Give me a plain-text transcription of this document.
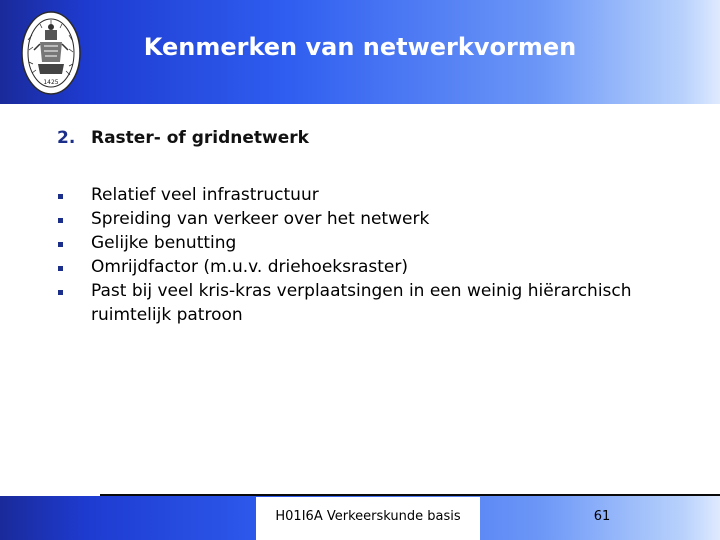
1425
Kenmerken van netwerkvormen
2. Raster- of gridnetwerk
Relatief veel infrastructuur
Spreiding van verkeer over het netwerk
Gelijke benutting
Omrijdfactor (m.u.v. driehoeksraster)
Past bij veel kris-kras verplaatsingen in een weinig hiërarchisch ruimtelijk patroon
H01I6A Verkeerskunde basis	61
